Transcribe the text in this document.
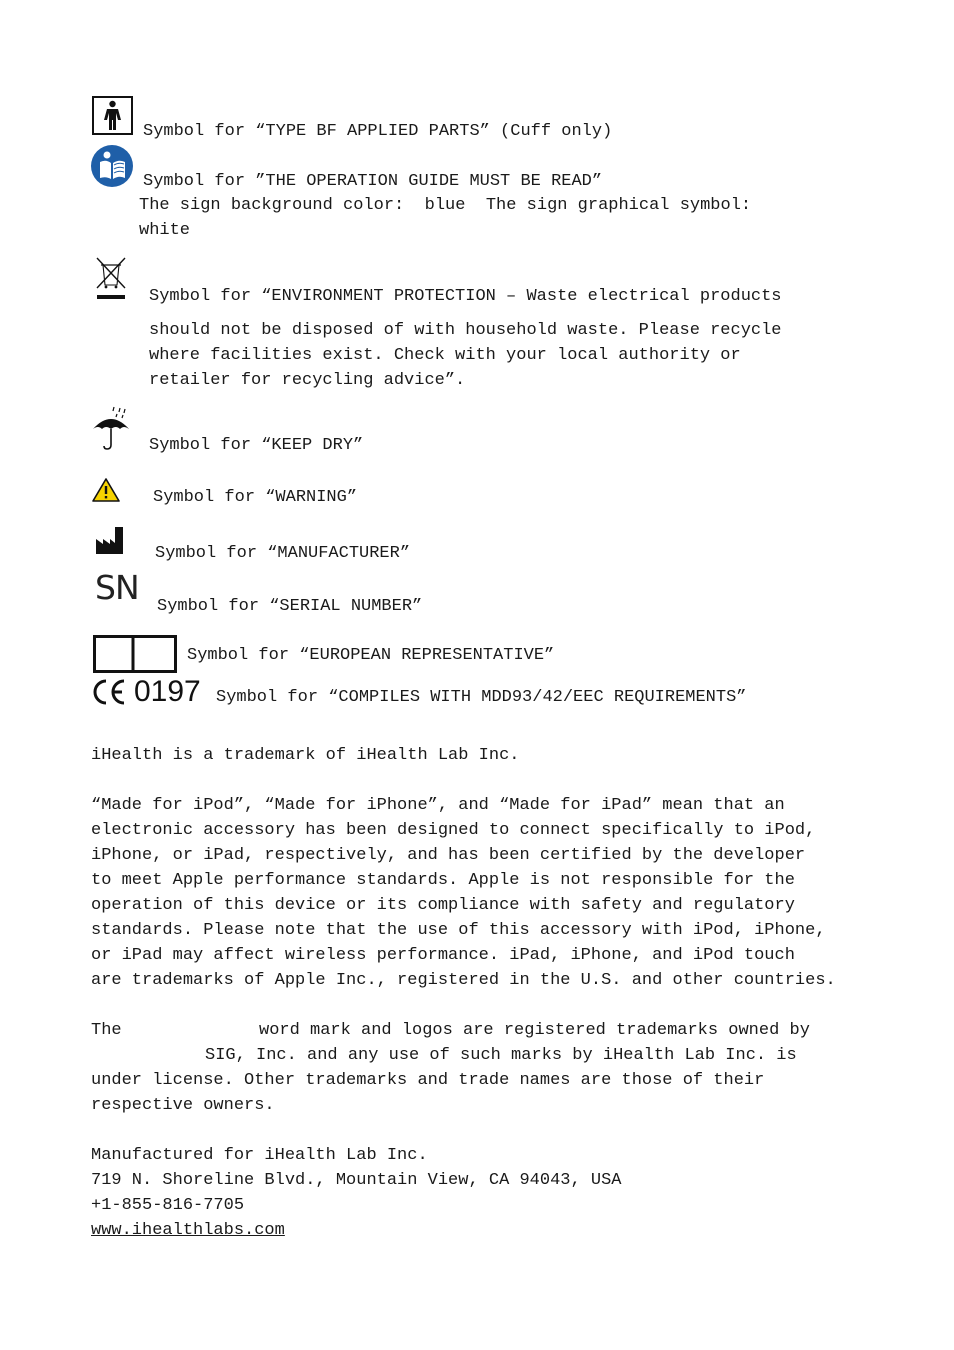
Symbol for “TYPE BF APPLIED PARTS” (Cuff only)
Symbol for ”THE OPERATION GUIDE MUST BE READ”
The sign background color:  blue  The sign graphical symbol:
white
Symbol for “ENVIRONMENT PROTECTION – Waste electrical products
should not be disposed of with household waste. Please recycle
where facilities exist. Check with your local authority or
retailer for recycling advice”.
Symbol for “KEEP DRY”
Symbol for “WARNING”
Symbol for “MANUFACTURER”
SN Symbol for “SERIAL NUMBER”
Symbol for “EUROPEAN REPRESENTATIVE”
0197 Symbol for “COMPILES WITH MDD93/42/EEC REQUIREMENTS”
iHealth is a trademark of iHealth Lab Inc.
“Made for iPod”, “Made for iPhone”, and “Made for iPad” mean that an
electronic accessory has been designed to connect specifically to iPod,
iPhone, or iPad, respectively, and has been certified by the developer
to meet Apple performance standards. Apple is not responsible for the
operation of this device or its compliance with safety and regulatory
standards. Please note that the use of this accessory with iPod, iPhone,
or iPad may affect wireless performance. iPad, iPhone, and iPod touch
are trademarks of Apple Inc., registered in the U.S. and other countries.
The	word mark and logos are registered trademarks owned by
SIG, Inc. and any use of such marks by iHealth Lab Inc. is
under license. Other trademarks and trade names are those of their
respective owners.
Manufactured for iHealth Lab Inc.
719 N. Shoreline Blvd., Mountain View, CA 94043, USA
+1-855-816-7705
www.ihealthlabs.com
